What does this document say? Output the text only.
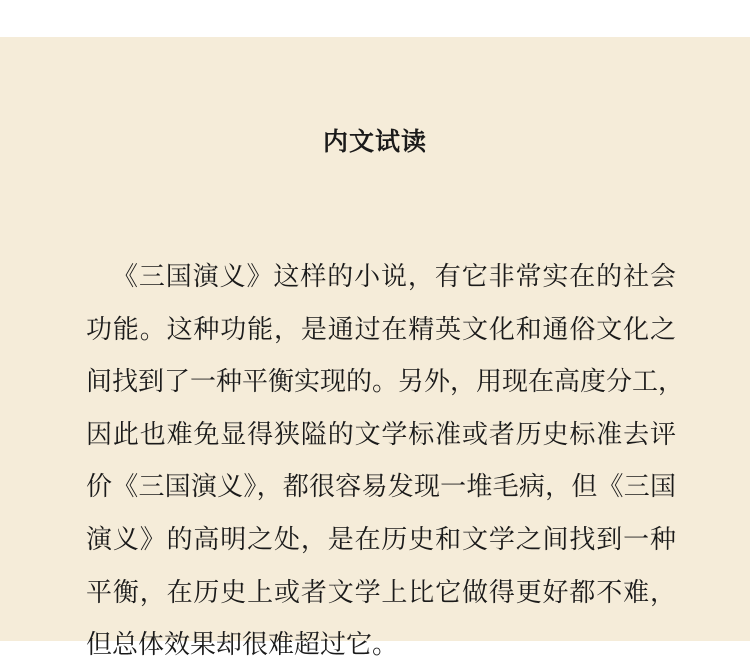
内文试读

《三国演义》这样的小说，有它非常实在的社会
功能。这种功能，是通过在精英文化和通俗文化之
间找到了一种平衡实现的。另外，用现在高度分工，
因此也难免显得狭隘的文学标准或者历史标准去评
价《三国演义》，都很容易发现一堆毛病，但《三国
演义》的高明之处，是在历史和文学之间找到一种
平衡，在历史上或者文学上比它做得更好都不难，
但总体效果却很难超过它。
